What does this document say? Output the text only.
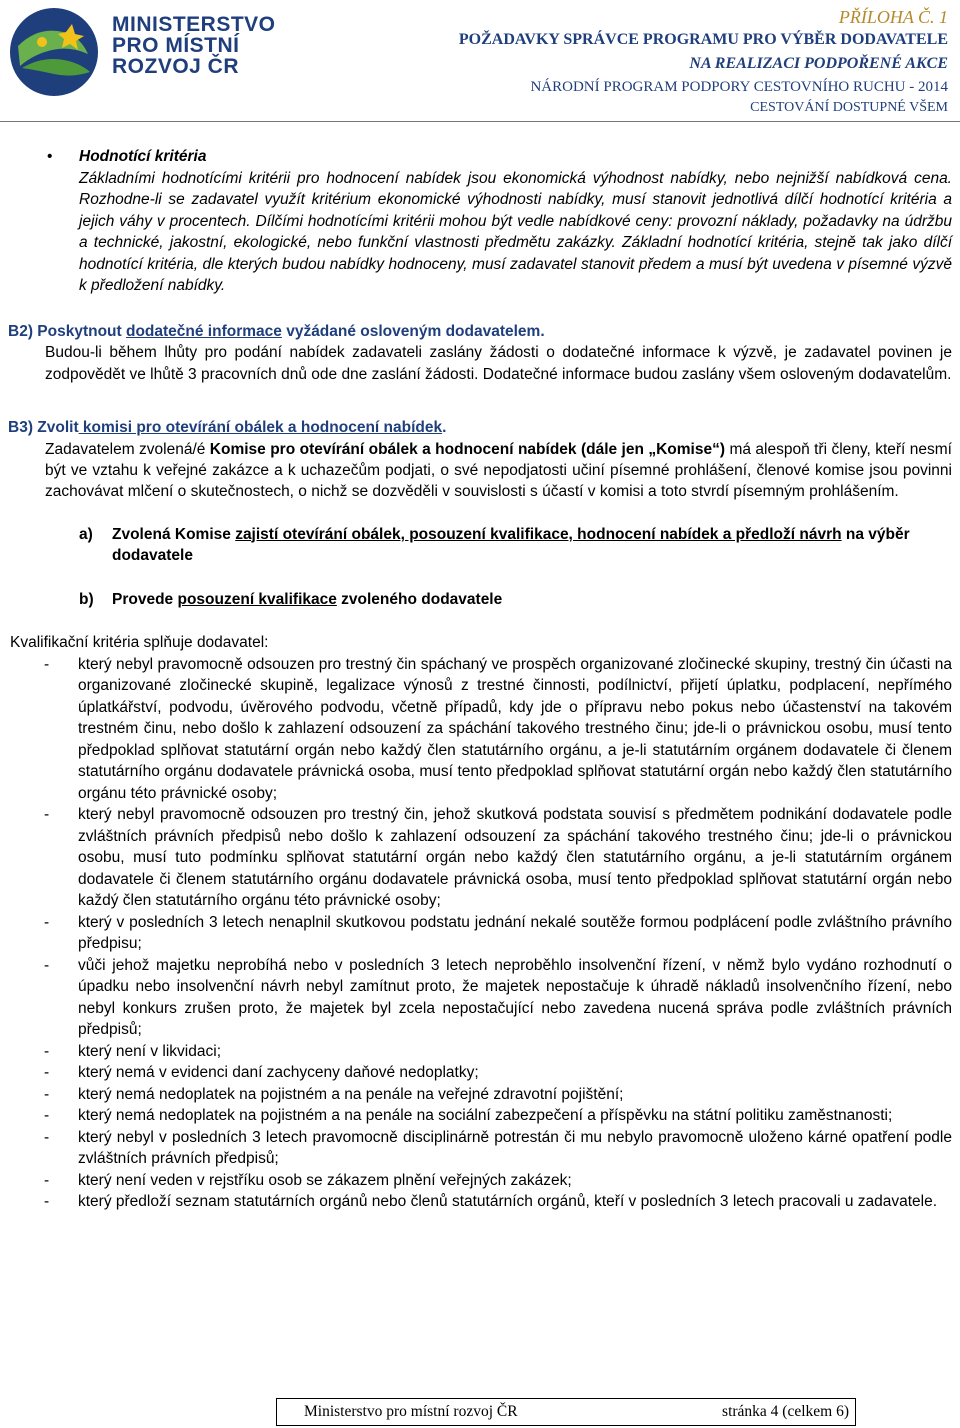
MINISTERSTVO
PRO MÍSTNÍ
ROZVOJ ČR
PŘÍLOHA Č. 1
POŽADAVKY SPRÁVCE PROGRAMU PRO VÝBĚR DODAVATELE
NA REALIZACI PODPOŘENÉ AKCE
NÁRODNÍ PROGRAM PODPORY CESTOVNÍHO RUCHU - 2014
CESTOVÁNÍ DOSTUPNÉ VŠEM
• Hodnotící kritéria
Základními hodnotícími kritérii pro hodnocení nabídek jsou ekonomická výhodnost nabídky, nebo nejnižší nabídková cena. Rozhodne-li se zadavatel využít kritérium ekonomické výhodnosti nabídky, musí stanovit jednotlivá dílčí hodnotící kritéria a jejich váhy v procentech. Dílčími hodnotícími kritérii mohou být vedle nabídkové ceny: provozní náklady, požadavky na údržbu a technické, jakostní, ekologické, nebo funkční vlastnosti předmětu zakázky. Základní hodnotící kritéria, stejně tak jako dílčí hodnotící kritéria, dle kterých budou nabídky hodnoceny, musí zadavatel stanovit předem a musí být uvedena v písemné výzvě k předložení nabídky.
B2) Poskytnout dodatečné informace vyžádané osloveným dodavatelem.
Budou-li během lhůty pro podání nabídek zadavateli zaslány žádosti o dodatečné informace k výzvě, je zadavatel povinen je zodpovědět ve lhůtě 3 pracovních dnů ode dne zaslání žádosti. Dodatečné informace budou zaslány všem osloveným dodavatelům.
B3) Zvolit komisi pro otevírání obálek a hodnocení nabídek.
Zadavatelem zvolená/é Komise pro otevírání obálek a hodnocení nabídek (dále jen „Komise“) má alespoň tři členy, kteří nesmí být ve vztahu k veřejné zakázce a k uchazečům podjati, o své nepodjatosti učiní písemné prohlášení, členové komise jsou povinni zachovávat mlčení o skutečnostech, o nichž se dozvěděli v souvislosti s účastí v komisi a toto stvrdí písemným prohlášením.
a) Zvolená Komise zajistí otevírání obálek, posouzení kvalifikace, hodnocení nabídek a předloží návrh na výběr dodavatele
b) Provede posouzení kvalifikace zvoleného dodavatele
Kvalifikační kritéria splňuje dodavatel:
- který nebyl pravomocně odsouzen pro trestný čin spáchaný ve prospěch organizované zločinecké skupiny, trestný čin účasti na organizované zločinecké skupině, legalizace výnosů z trestné činnosti, podílnictví, přijetí úplatku, podplacení, nepřímého úplatkářství, podvodu, úvěrového podvodu, včetně případů, kdy jde o přípravu nebo pokus nebo účastenství na takovém trestném činu, nebo došlo k zahlazení odsouzení za spáchání takového trestného činu; jde-li o právnickou osobu, musí tento předpoklad splňovat statutární orgán nebo každý člen statutárního orgánu, a je-li statutárním orgánem dodavatele či členem statutárního orgánu dodavatele právnická osoba, musí tento předpoklad splňovat statutární orgán nebo každý člen statutárního orgánu této právnické osoby;
- který nebyl pravomocně odsouzen pro trestný čin, jehož skutková podstata souvisí s předmětem podnikání dodavatele podle zvláštních právních předpisů nebo došlo k zahlazení odsouzení za spáchání takového trestného činu; jde-li o právnickou osobu, musí tuto podmínku splňovat statutární orgán nebo každý člen statutárního orgánu, a je-li statutárním orgánem dodavatele či členem statutárního orgánu dodavatele právnická osoba, musí tento předpoklad splňovat statutární orgán nebo každý člen statutárního orgánu této právnické osoby;
- který v posledních 3 letech nenaplnil skutkovou podstatu jednání nekalé soutěže formou podplácení podle zvláštního právního předpisu;
- vůči jehož majetku neprobíhá nebo v posledních 3 letech neproběhlo insolvenční řízení, v němž bylo vydáno rozhodnutí o úpadku nebo insolvenční návrh nebyl zamítnut proto, že majetek nepostačuje k úhradě nákladů insolvenčního řízení, nebo nebyl konkurs zrušen proto, že majetek byl zcela nepostačující nebo zavedena nucená správa podle zvláštních právních předpisů;
- který není v likvidaci;
- který nemá v evidenci daní zachyceny daňové nedoplatky;
- který nemá nedoplatek na pojistném a na penále na veřejné zdravotní pojištění;
- který nemá nedoplatek na pojistném a na penále na sociální zabezpečení a příspěvku na státní politiku zaměstnanosti;
- který nebyl v posledních 3 letech pravomocně disciplinárně potrestán či mu nebylo pravomocně uloženo kárné opatření podle zvláštních právních předpisů;
- který není veden v rejstříku osob se zákazem plnění veřejných zakázek;
- který předloží seznam statutárních orgánů nebo členů statutárních orgánů, kteří v posledních 3 letech pracovali u zadavatele.
Ministerstvo pro místní rozvoj ČR	stránka 4 (celkem 6)
